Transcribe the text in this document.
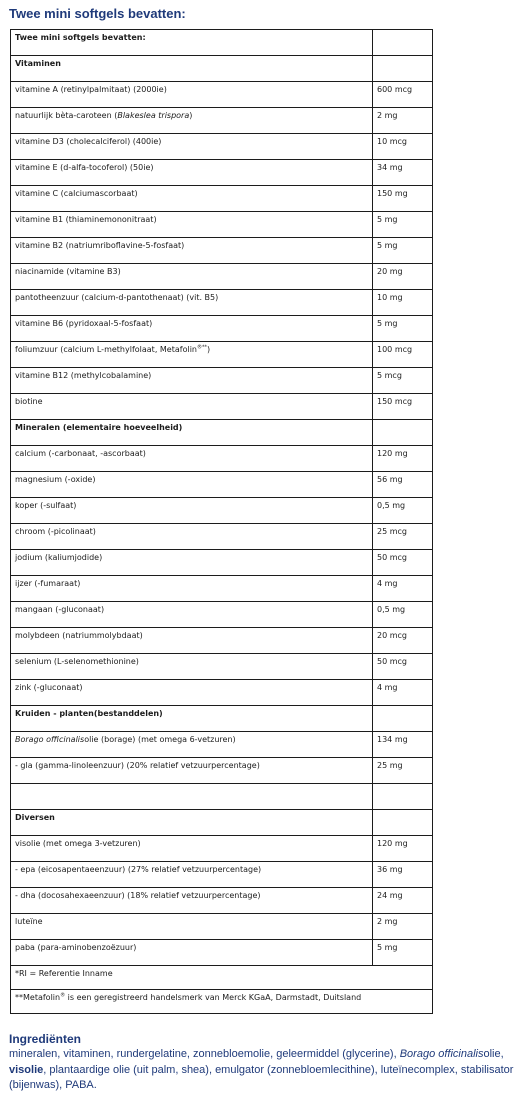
Twee mini softgels bevatten:
Twee mini softgels bevatten:	
Vitaminen	
vitamine A (retinylpalmitaat) (2000ie)	600 mcg
natuurlijk bèta-caroteen (Blakeslea trispora)	2 mg
vitamine D3 (cholecalciferol) (400ie)	10 mcg
vitamine E (d-alfa-tocoferol) (50ie)	34 mg
vitamine C (calciumascorbaat)	150 mg
vitamine B1 (thiaminemononitraat)	5 mg
vitamine B2 (natriumriboflavine-5-fosfaat)	5 mg
niacinamide (vitamine B3)	20 mg
pantotheenzuur (calcium-d-pantothenaat) (vit. B5)	10 mg
vitamine B6 (pyridoxaal-5-fosfaat)	5 mg
foliumzuur (calcium L-methylfolaat, Metafolin®**)	100 mcg
vitamine B12 (methylcobalamine)	5 mcg
biotine	150 mcg
Mineralen (elementaire hoeveelheid)	
calcium (-carbonaat, -ascorbaat)	120 mg
magnesium (-oxide)	56 mg
koper (-sulfaat)	0,5 mg
chroom (-picolinaat)	25 mcg
jodium (kaliumjodide)	50 mcg
ijzer (-fumaraat)	4 mg
mangaan (-gluconaat)	0,5 mg
molybdeen (natriummolybdaat)	20 mcg
selenium (L-selenomethionine)	50 mcg
zink (-gluconaat)	4 mg
Kruiden - planten(bestanddelen)	
Borago officinalisolie (boragе) (met omega 6-vetzuren)	134 mg
- gla (gamma-linoleenzuur) (20% relatief vetzuurpercentage)	25 mg

Diversen	
visolie (met omega 3-vetzuren)	120 mg
- epa (eicosapentaeenzuur) (27% relatief vetzuurpercentage)	36 mg
- dha (docosahexaeenzuur) (18% relatief vetzuurpercentage)	24 mg
luteïne	2 mg
paba (para-aminobenzoëzuur)	5 mg
*RI = Referentie Inname	
**Metafolin® is een geregistreerd handelsmerk van Merck KGaA, Darmstadt, Duitsland	
Ingrediënten
mineralen, vitaminen, rundergelatine, zonnebloemolie, geleermiddel (glycerine), Borago officinalisolie, visolie, plantaardige olie (uit palm, shea), emulgator (zonnebloemlecithine), luteïnecomplex, stabilisator (bijenwas), PABA.
